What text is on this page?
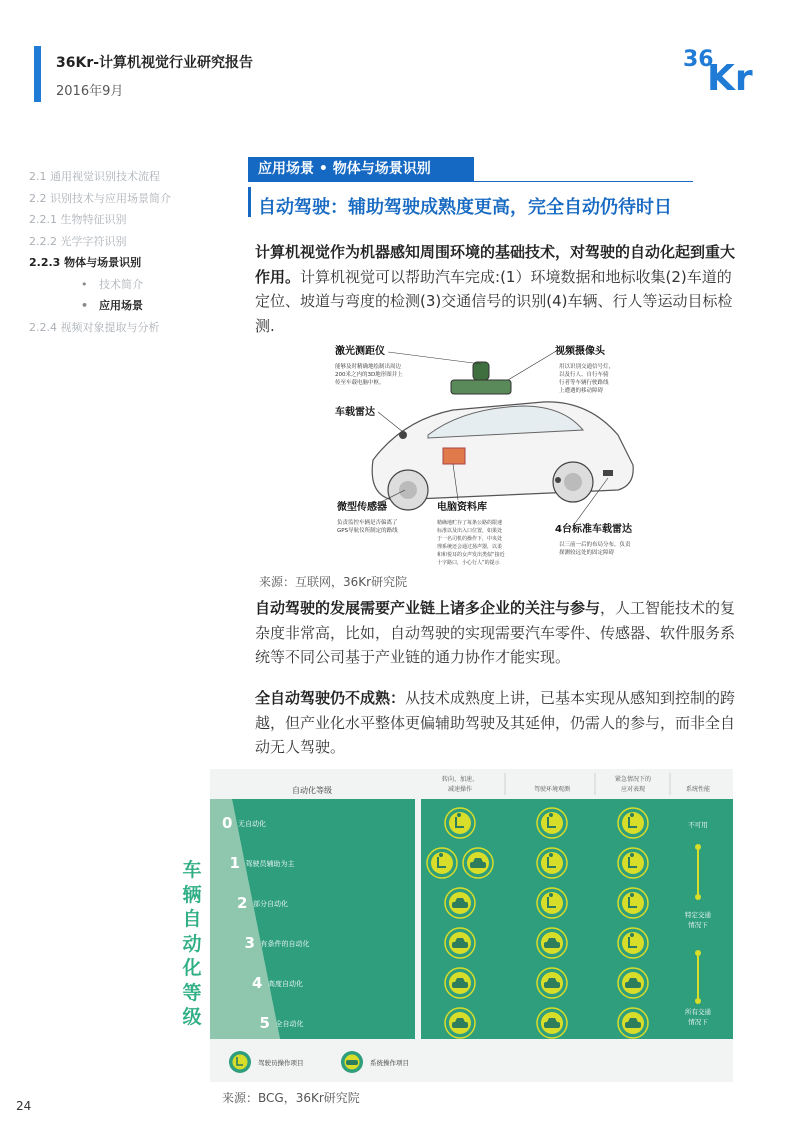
36Kr-计算机视觉行业研究报告
2016年9月
36
Kr
2.1 通用视觉识别技术流程
2.2 识别技术与应用场景简介
2.2.1 生物特征识别
2.2.2 光学字符识别
2.2.3 物体与场景识别
• 技术简介
• 应用场景
2.2.4 视频对象提取与分析
应用场景 • 物体与场景识别
自动驾驶：辅助驾驶成熟度更高，完全自动仍待时日
计算机视觉作为机器感知周围环境的基础技术，对驾驶的自动化起到重大作用。计算机视觉可以帮助汽车完成:(1）环境数据和地标收集(2)车道的定位、坡道与弯度的检测(3)交通信号的识别(4)车辆、行人等运动目标检测.
激光测距仪
能够及时精确地绘制出周边
200米之内的3D地形图并上
传至车载电脑中枢。
视频摄像头
用以识别交通信号灯，
以及行人、自行车骑
行者等车辆行驶路线
上遭遇的移动障碍
车载雷达
微型传感器
负责监控车辆是否偏离了
GPS导航仪所制定的路线
电脑资料库
精确地贮存了每条公路的限速
标准以及出入口位置，如果处
于一名司机的操作下，中央处
理系统还会通过扬声器，以柔
和和悦耳的女声发出类似“接近
十字路口，小心行人”的提示
4台标准车载雷达
以三前一后的布局分布，负责
探测较远处的固定障碍
来源：互联网，36Kr研究院
自动驾驶的发展需要产业链上诸多企业的关注与参与，人工智能技术的复杂度非常高，比如，自动驾驶的实现需要汽车零件、传感器、软件服务系统等不同公司基于产业链的通力协作才能实现。
全自动驾驶仍不成熟：从技术成熟度上讲，已基本实现从感知到控制的跨越，但产业化水平整体更偏辅助驾驶及其延伸，仍需人的参与，而非全自动无人驾驶。
车辆自动化等级
自动化等级
转向、加速、
减速操作	驾驶环境观测
紧急情况下的
应对表现	系统性能
0 无自动化
1 驾驶员辅助为主
2 部分自动化
3 有条件的自动化
4 高度自动化
5 全自动化
不可用
特定交通
情况下
所有交通
情况下
驾驶员操作项目	系统操作项目
来源：BCG，36Kr研究院
24
